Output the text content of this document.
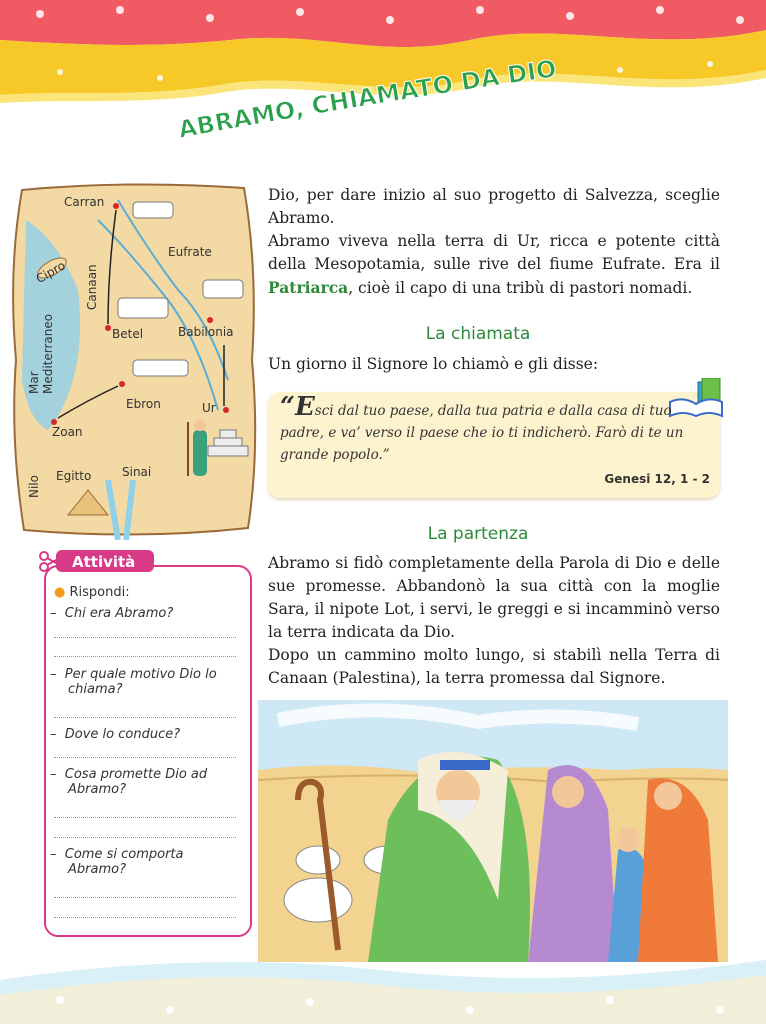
ABRAMO, CHIAMATO DA DIO
Carran
Eufrate
Cipro Canaan
Betel	Babilonia
Mar Mediterraneo
Ebron	Ur
Zoan
Nilo Egitto	Sinai

Dio, per dare inizio al suo progetto di Salvezza, sceglie Abramo.

Abramo viveva nella terra di Ur, ricca e potente città della Mesopotamia, sulle rive del fiume Eufrate. Era il Patriarca, cioè il capo di una tribù di pastori nomadi.

La chiamata

Un giorno il Signore lo chiamò e gli disse:

“Esci dal tuo paese, dalla tua patria e dalla casa di tuo padre, e va’ verso il paese che io ti indicherò. Farò di te un grande popolo.”

Genesi 12, 1 - 2
La partenza

Abramo si fidò completamente della Parola di Dio e delle sue promesse. Abbandonò la sua città con la moglie Sara, il nipote Lot, i servi, le greggi e si incamminò verso la terra indicata da Dio.

Dopo un cammino molto lungo, si stabilì nella Terra di Canaan (Palestina), la terra promessa dal Signore.

Attività
● Rispondi:
– Chi era Abramo?
– Per quale motivo Dio lo
chiama?
– Dove lo conduce?
– Cosa promette Dio ad
Abramo?
– Come si comporta
Abramo?
